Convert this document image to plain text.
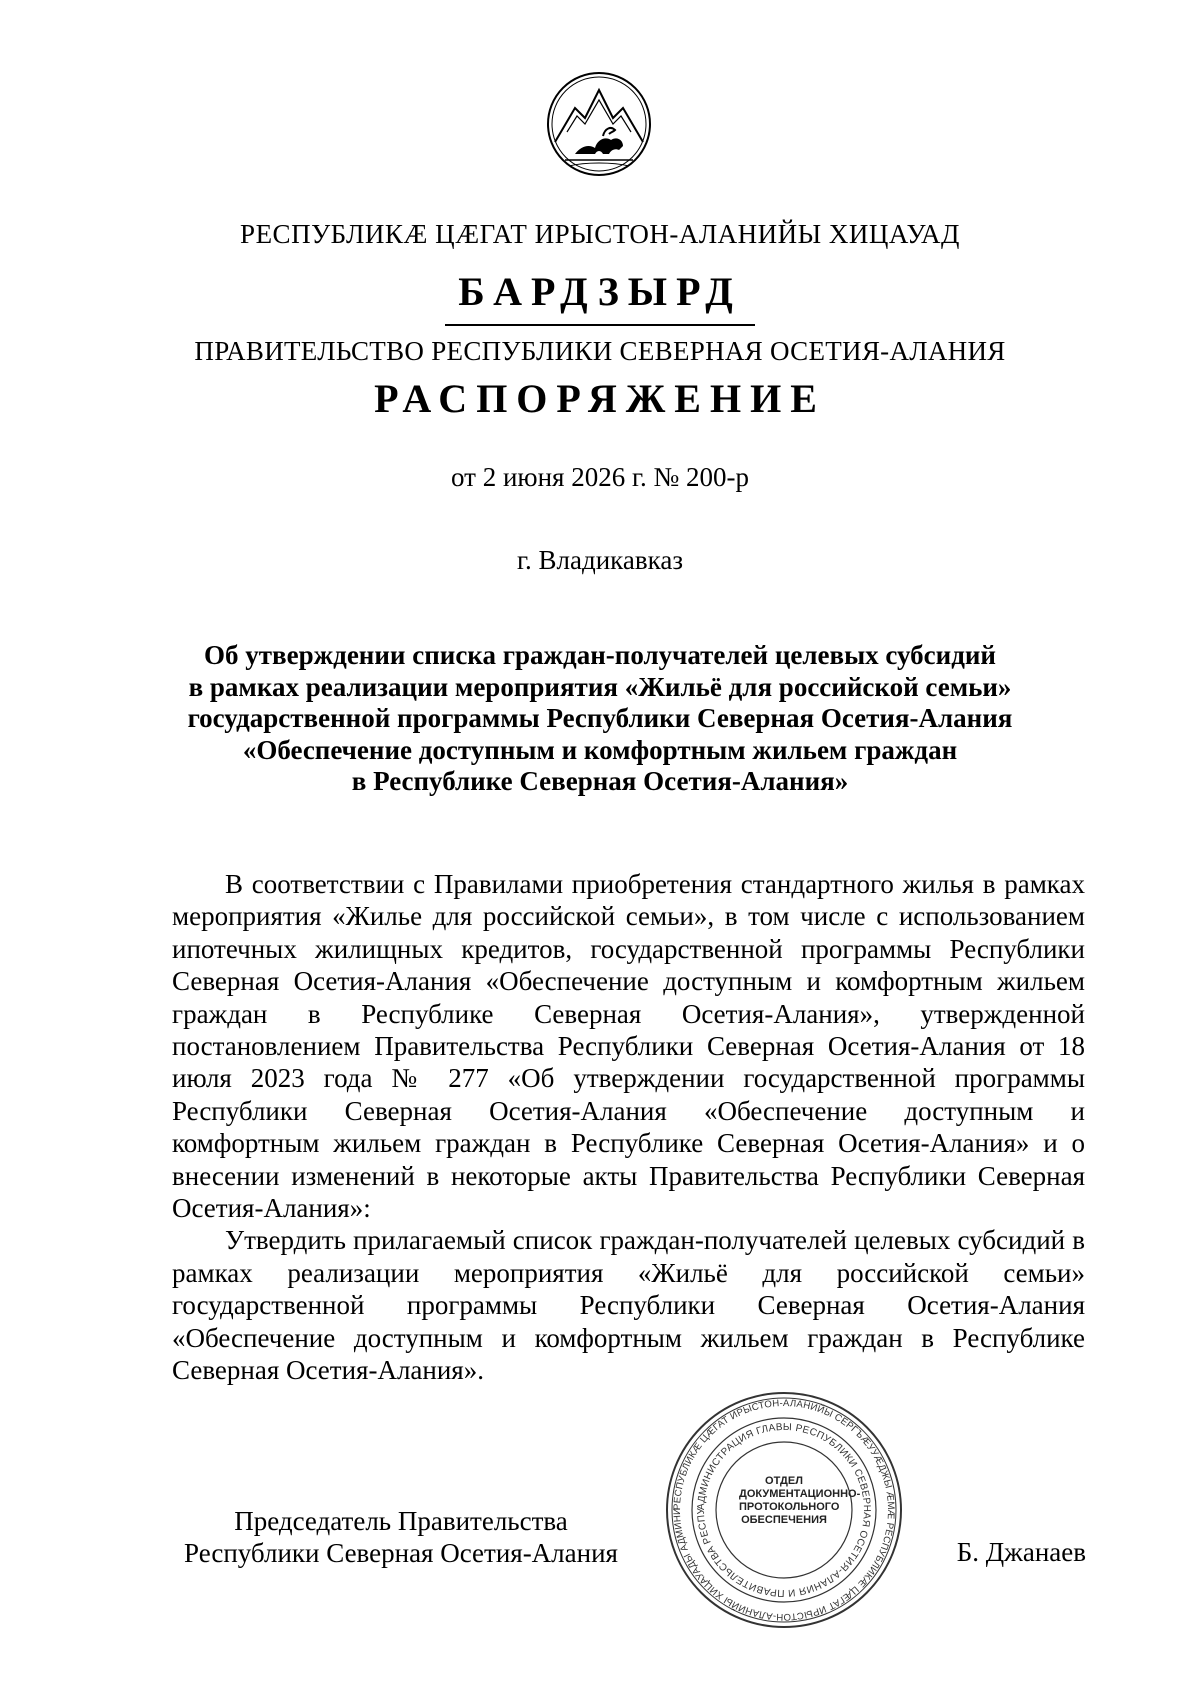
РЕСПУБЛИКӔ ЦӔГАТ ИРЫСТОН-АЛАНИЙЫ ХИЦАУАД
БАРДЗЫРД
ПРАВИТЕЛЬСТВО РЕСПУБЛИКИ СЕВЕРНАЯ ОСЕТИЯ-АЛАНИЯ
РАСПОРЯЖЕНИЕ
от 2 июня 2026 г. № 200-р
г. Владикавказ
Об утверждении списка граждан-получателей целевых субсидий
в рамках реализации мероприятия «Жильё для российской семьи»
государственной программы Республики Северная Осетия-Алания
«Обеспечение доступным и комфортным жильем граждан
в Республике Северная Осетия-Алания»

В соответствии с Правилами приобретения стандартного жилья в рамках мероприятия «Жилье для российской семьи», в том числе с использованием ипотечных жилищных кредитов, государственной программы Республики Северная Осетия-Алания «Обеспечение доступным и комфортным жильем граждан в Республике Северная Осетия-Алания», утвержденной постановлением Правительства Республики Северная Осетия-Алания от 18 июля 2023 года № 277 «Об утверждении государственной программы Республики Северная Осетия-Алания «Обеспечение доступным и комфортным жильем граждан в Республике Северная Осетия-Алания» и о внесении изменений в некоторые акты Правительства Республики Северная Осетия-Алания»:

Утвердить прилагаемый список граждан-получателей целевых субсидий в рамках реализации мероприятия «Жильё для российской семьи» государственной программы Республики Северная Осетия-Алания «Обеспечение доступным и комфортным жильем граждан в Республике Северная Осетия-Алания».

Председатель Правительства
Республики Северная Осетия-Алания
РЕСПУБЛИКӔ ЦӔГАТ ИРЫСТОН-АЛАНИЙЫ СЕРГЪӔУУӔДЖЫ ӔМӔ РЕСПУБЛИКӔ ЦӔГАТ ИРЫСТОН-АЛАНИЙЫ ХИЦАУАДЫ АДМИНИ
АДМИНИСТРАЦИЯ ГЛАВЫ РЕСПУБЛИКИ СЕВЕРНАЯ ОСЕТИЯ-АЛАНИЯ И ПРАВИТЕЛЬСТВА РЕСПУ
ОТДЕЛ
ДОКУМЕНТАЦИОННО-
ПРОТОКОЛЬНОГО
ОБЕСПЕЧЕНИЯ
Б. Джанаев
